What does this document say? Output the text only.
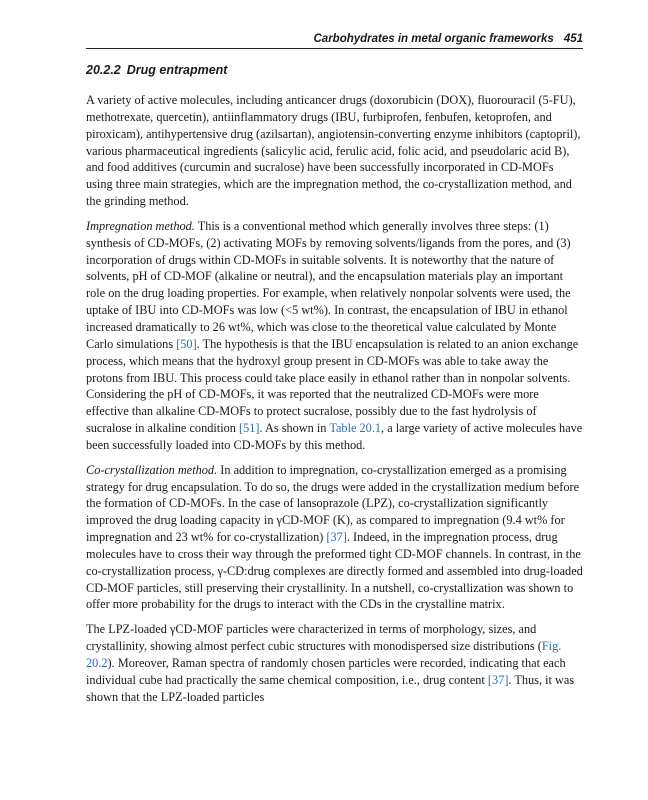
Carbohydrates in metal organic frameworks 451
20.2.2 Drug entrapment

A variety of active molecules, including anticancer drugs (doxorubicin (DOX), fluorouracil (5-FU), methotrexate, quercetin), antiinflammatory drugs (IBU, furbiprofen, fenbufen, ketoprofen, and piroxicam), antihypertensive drug (azilsartan), angiotensin-converting enzyme inhibitors (captopril), various pharmaceutical ingredients (salicylic acid, ferulic acid, folic acid, and pseudolaric acid B), and food additives (curcumin and sucralose) have been successfully incorporated in CD-MOFs using three main strategies, which are the impregnation method, the co-crystallization method, and the grinding method.

Impregnation method. This is a conventional method which generally involves three steps: (1) synthesis of CD-MOFs, (2) activating MOFs by removing solvents/ligands from the pores, and (3) incorporation of drugs within CD-MOFs in suitable solvents. It is noteworthy that the nature of solvents, pH of CD-MOF (alkaline or neutral), and the encapsulation materials play an important role on the drug loading properties. For example, when relatively nonpolar solvents were used, the uptake of IBU into CD-MOFs was low (<5 wt%). In contrast, the encapsulation of IBU in ethanol increased dramatically to 26 wt%, which was close to the theoretical value calculated by Monte Carlo simulations [50]. The hypothesis is that the IBU encapsulation is related to an anion exchange process, which means that the hydroxyl group present in CD-MOFs was able to take away the protons from IBU. This process could take place easily in ethanol rather than in nonpolar solvents. Considering the pH of CD-MOFs, it was reported that the neutralized CD-MOFs were more effective than alkaline CD-MOFs to protect sucralose, possibly due to the fast hydrolysis of sucralose in alkaline condition [51]. As shown in Table 20.1, a large variety of active molecules have been successfully loaded into CD-MOFs by this method.

Co-crystallization method. In addition to impregnation, co-crystallization emerged as a promising strategy for drug encapsulation. To do so, the drugs were added in the crystallization medium before the formation of CD-MOFs. In the case of lansoprazole (LPZ), co-crystallization significantly improved the drug loading capacity in γCD-MOF (K), as compared to impregnation (9.4 wt% for impregnation and 23 wt% for co-crystallization) [37]. Indeed, in the impregnation process, drug molecules have to cross their way through the preformed tight CD-MOF channels. In contrast, in the co-crystallization process, γ-CD:drug complexes are directly formed and assembled into drug-loaded CD-MOF particles, still preserving their crystallinity. In a nutshell, co-crystallization was shown to offer more probability for the drugs to interact with the CDs in the crystalline matrix.

The LPZ-loaded γCD-MOF particles were characterized in terms of morphology, sizes, and crystallinity, showing almost perfect cubic structures with monodispersed size distributions (Fig. 20.2). Moreover, Raman spectra of randomly chosen particles were recorded, indicating that each individual cube had practically the same chemical composition, i.e., drug content [37]. Thus, it was shown that the LPZ-loaded particles
